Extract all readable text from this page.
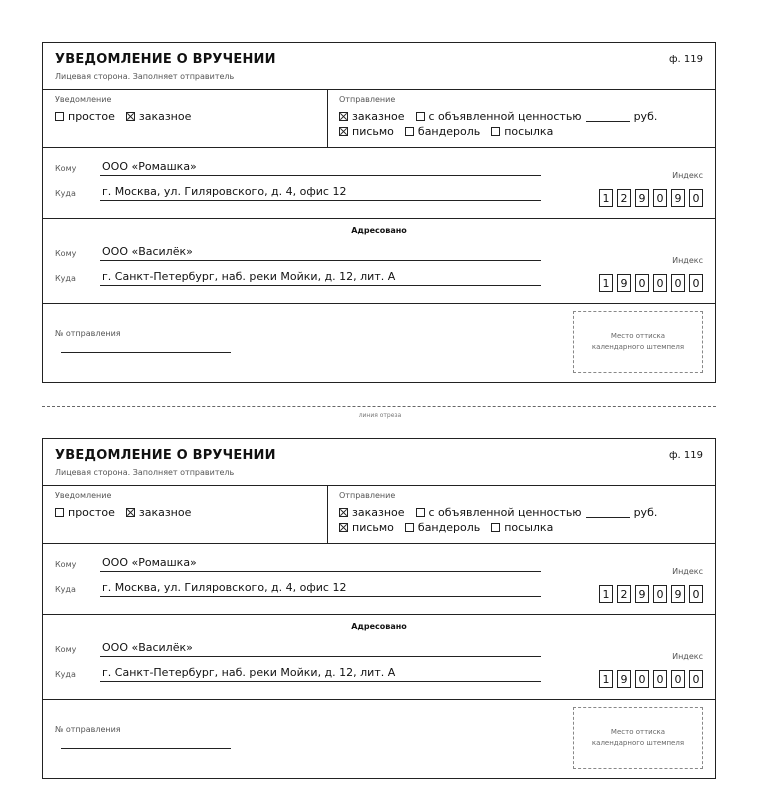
УВЕДОМЛЕНИЕ О ВРУЧЕНИИ
Лицевая сторона. Заполняет отправитель
ф. 119
Уведомление
простое заказное
Отправление
заказное с объявленной ценностью	руб.
письмо бандероль посылка
Кому ООО «Ромашка»
Куда г. Москва, ул. Гиляровского, д. 4, офис 12
Индекс
1	2	9	0	9	0
Адресовано
Кому ООО «Василёк»
Куда г. Санкт-Петербург, наб. реки Мойки, д. 12, лит. А
Индекс
1	9	0	0	0	0
№ отправления	Место оттиска календарного штемпеля
линия отреза
УВЕДОМЛЕНИЕ О ВРУЧЕНИИ
Лицевая сторона. Заполняет отправитель
ф. 119
Уведомление
простое заказное
Отправление
заказное с объявленной ценностью	руб.
письмо бандероль посылка
Кому ООО «Ромашка»
Куда г. Москва, ул. Гиляровского, д. 4, офис 12
Индекс
1	2	9	0	9	0
Адресовано
Кому ООО «Василёк»
Куда г. Санкт-Петербург, наб. реки Мойки, д. 12, лит. А
Индекс
1	9	0	0	0	0
№ отправления	Место оттиска календарного штемпеля
